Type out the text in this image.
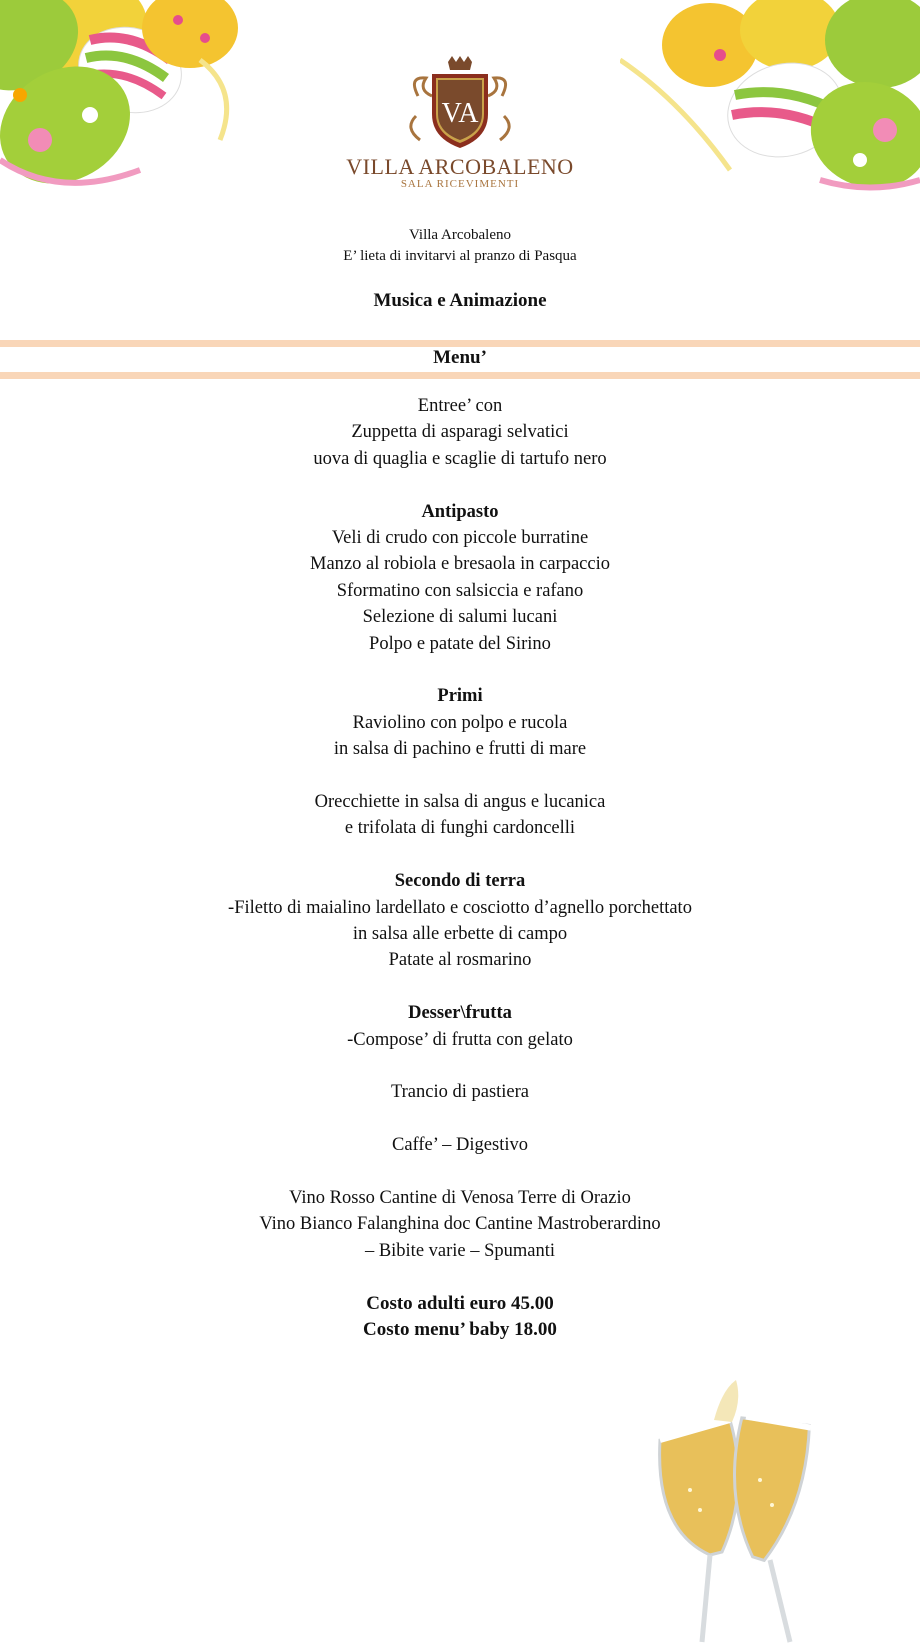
VA
VILLA ARCOBALENO
SALA RICEVIMENTI
Villa Arcobaleno
E’ lieta di invitarvi al pranzo di Pasqua
Musica e Animazione
Menu’
Entree’ con
Zuppetta di asparagi selvatici
uova di quaglia e scaglie di tartufo nero
Antipasto
Veli di crudo con piccole burratine
Manzo al robiola e bresaola in carpaccio
Sformatino con salsiccia e rafano
Selezione di salumi lucani
Polpo e patate del Sirino
Primi
Raviolino con polpo e rucola
in salsa di pachino e frutti di mare
Orecchiette in salsa di angus e lucanica
e trifolata di funghi cardoncelli
Secondo di terra
-Filetto di maialino lardellato e cosciotto d’agnello porchettato
in salsa alle erbette di campo
Patate al rosmarino
Desser\frutta
-Compose’ di frutta con gelato
Trancio di pastiera
Caffe’ – Digestivo
Vino Rosso Cantine di Venosa Terre di Orazio
Vino Bianco Falanghina doc Cantine Mastroberardino
– Bibite varie – Spumanti
Costo adulti euro 45.00
Costo menu’ baby 18.00
